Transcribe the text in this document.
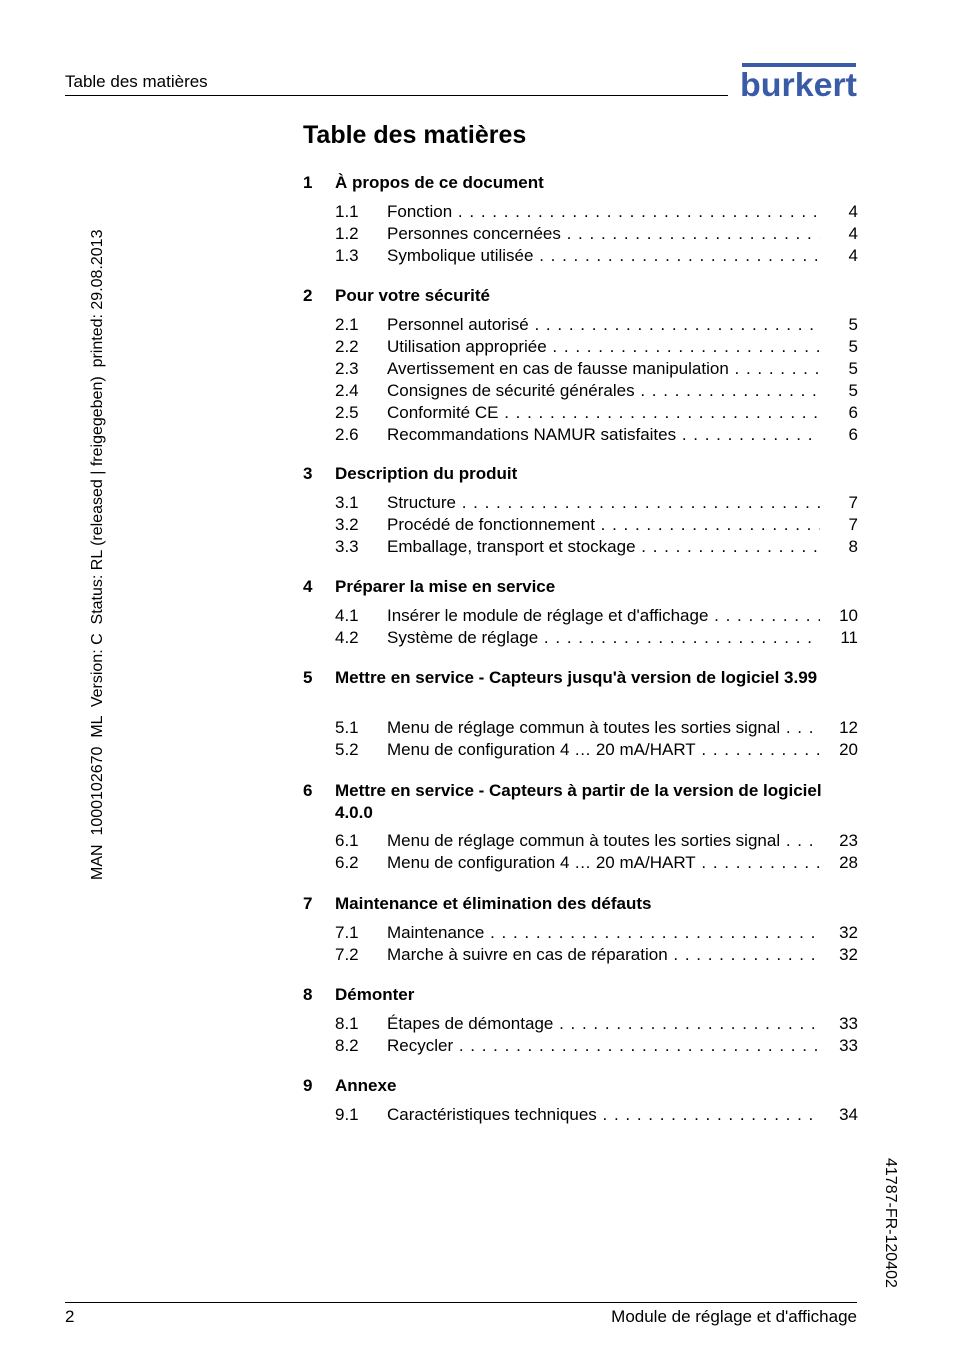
Table des matières	burkert
Table des matières
1	À propos de ce document
1.1 Fonction . . .	4
1.2 Personnes concernées . . .	4
1.3 Symbolique utilisée . . .	4
2	Pour votre sécurité
2.1 Personnel autorisé . . .	5
2.2 Utilisation appropriée . . .	5
2.3 Avertissement en cas de fausse manipulation . . .	5
2.4 Consignes de sécurité générales . . .	5
2.5 Conformité CE . . .	6
2.6 Recommandations NAMUR satisfaites . . .	6
3	Description du produit
3.1 Structure . . .	7
3.2 Procédé de fonctionnement . . .	7
3.3 Emballage, transport et stockage . . .	8
4	Préparer la mise en service
4.1 Insérer le module de réglage et d'affichage . . .	10
4.2 Système de réglage . . .	11
5	Mettre en service - Capteurs jusqu'à version de logiciel 3.99
5.1 Menu de réglage commun à toutes les sorties signal . . .	12
5.2 Menu de configuration 4 … 20 mA/HART . . .	20
6	Mettre en service - Capteurs à partir de la version de logiciel 4.0.0
6.1 Menu de réglage commun à toutes les sorties signal . . .	23
6.2 Menu de configuration 4 … 20 mA/HART . . .	28
7	Maintenance et élimination des défauts
7.1 Maintenance . . .	32
7.2 Marche à suivre en cas de réparation . . .	32
8	Démonter
8.1 Étapes de démontage . . .	33
8.2 Recycler . . .	33
9	Annexe
9.1 Caractéristiques techniques . . .	34
MAN  1000102670  ML  Version: C  Status: RL (released | freigegeben)  printed: 29.08.2013
41787-FR-120402
2	Module de réglage et d'affichage
